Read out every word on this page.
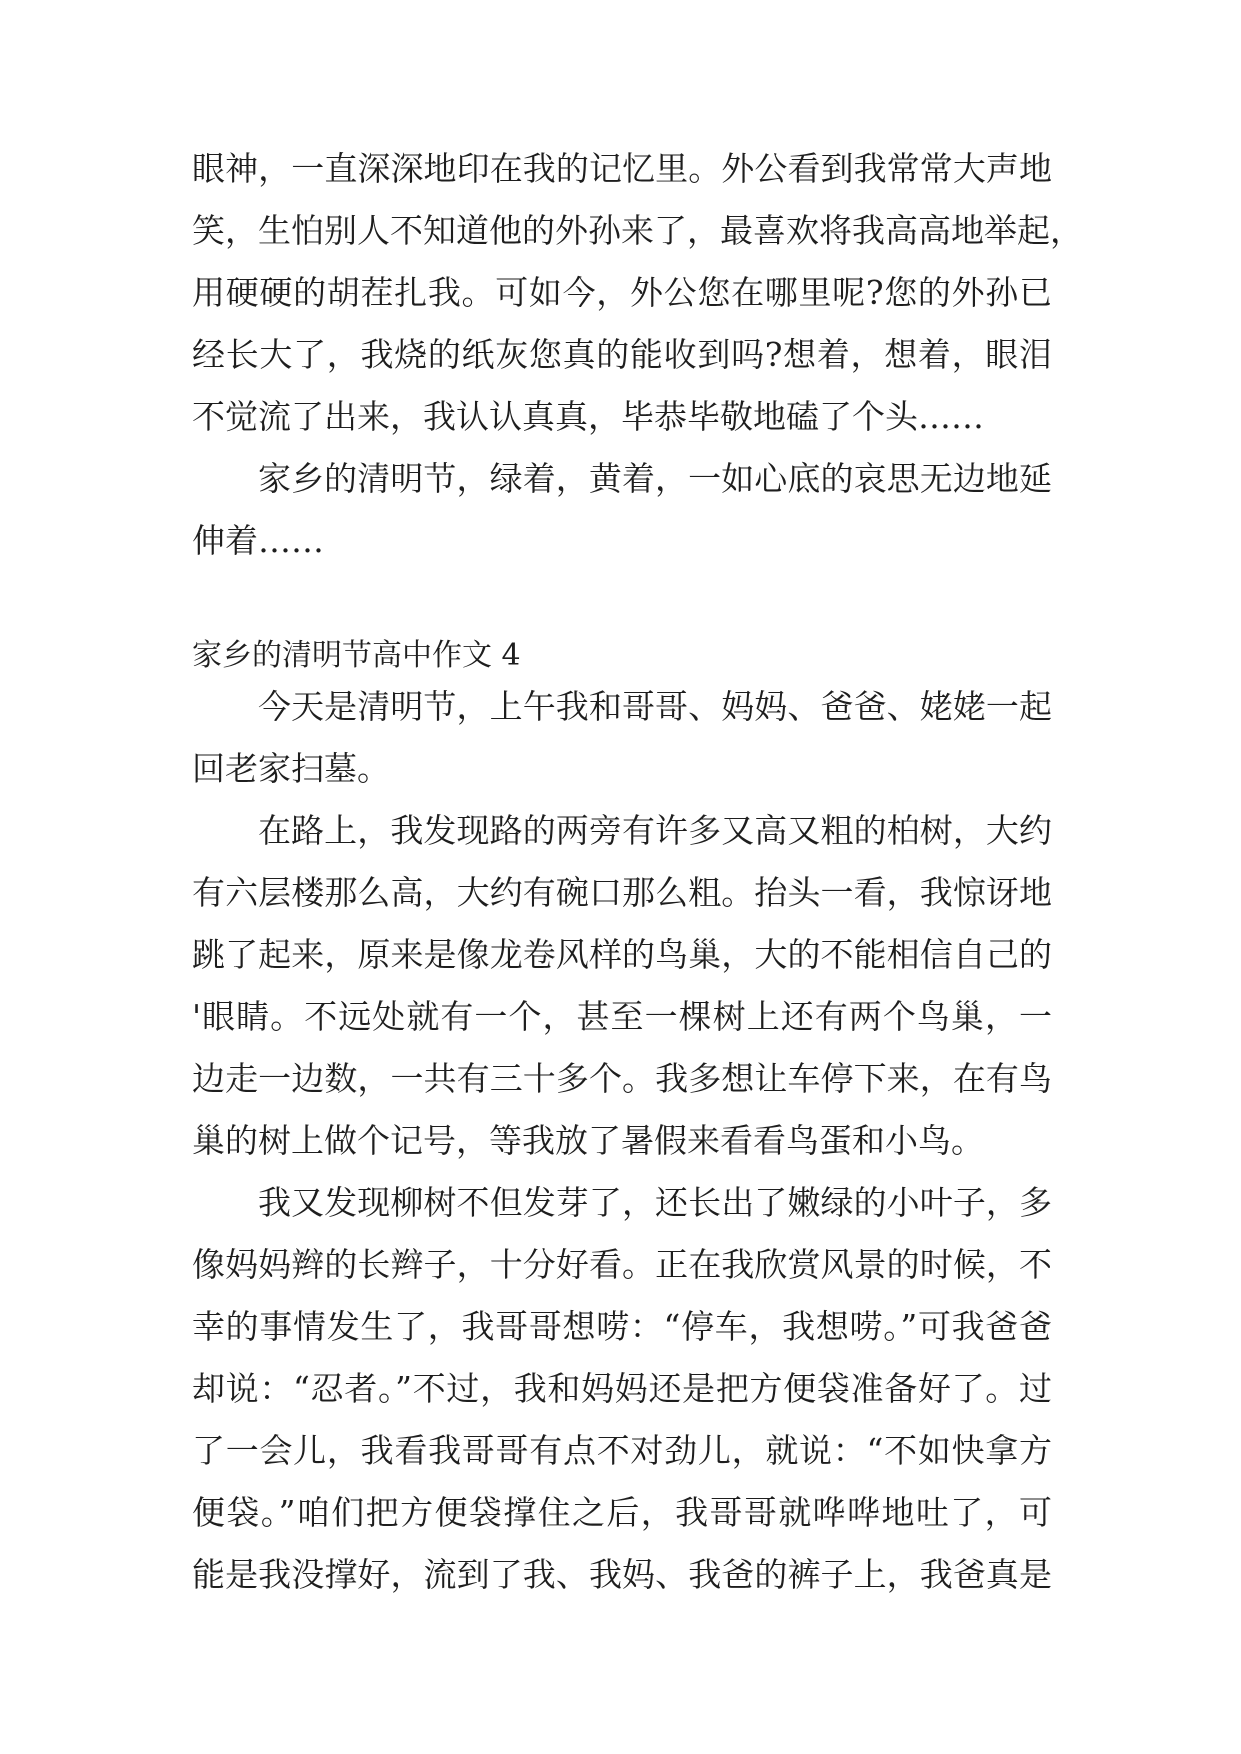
眼神，一直深深地印在我的记忆里。外公看到我常常大声地
笑，生怕别人不知道他的外孙来了，最喜欢将我高高地举起，
用硬硬的胡茬扎我。可如今，外公您在哪里呢?您的外孙已
经长大了，我烧的纸灰您真的能收到吗?想着，想着，眼泪
不觉流了出来，我认认真真，毕恭毕敬地磕了个头……
家乡的清明节，绿着，黄着，一如心底的哀思无边地延
伸着……
家乡的清明节高中作文 4
今天是清明节，上午我和哥哥、妈妈、爸爸、姥姥一起
回老家扫墓。
在路上，我发现路的两旁有许多又高又粗的柏树，大约
有六层楼那么高，大约有碗口那么粗。抬头一看，我惊讶地
跳了起来，原来是像龙卷风样的鸟巢，大的不能相信自己的
'眼睛。不远处就有一个，甚至一棵树上还有两个鸟巢，一
边走一边数，一共有三十多个。我多想让车停下来，在有鸟
巢的树上做个记号，等我放了暑假来看看鸟蛋和小鸟。
我又发现柳树不但发芽了，还长出了嫩绿的小叶子，多
像妈妈辫的长辫子，十分好看。正在我欣赏风景的时候，不
幸的事情发生了，我哥哥想唠：“停车，我想唠。”可我爸爸
却说：“忍者。”不过，我和妈妈还是把方便袋准备好了。过
了一会儿，我看我哥哥有点不对劲儿，就说：“不如快拿方
便袋。”咱们把方便袋撑住之后，我哥哥就哗哗地吐了，可
能是我没撑好，流到了我、我妈、我爸的裤子上，我爸真是
